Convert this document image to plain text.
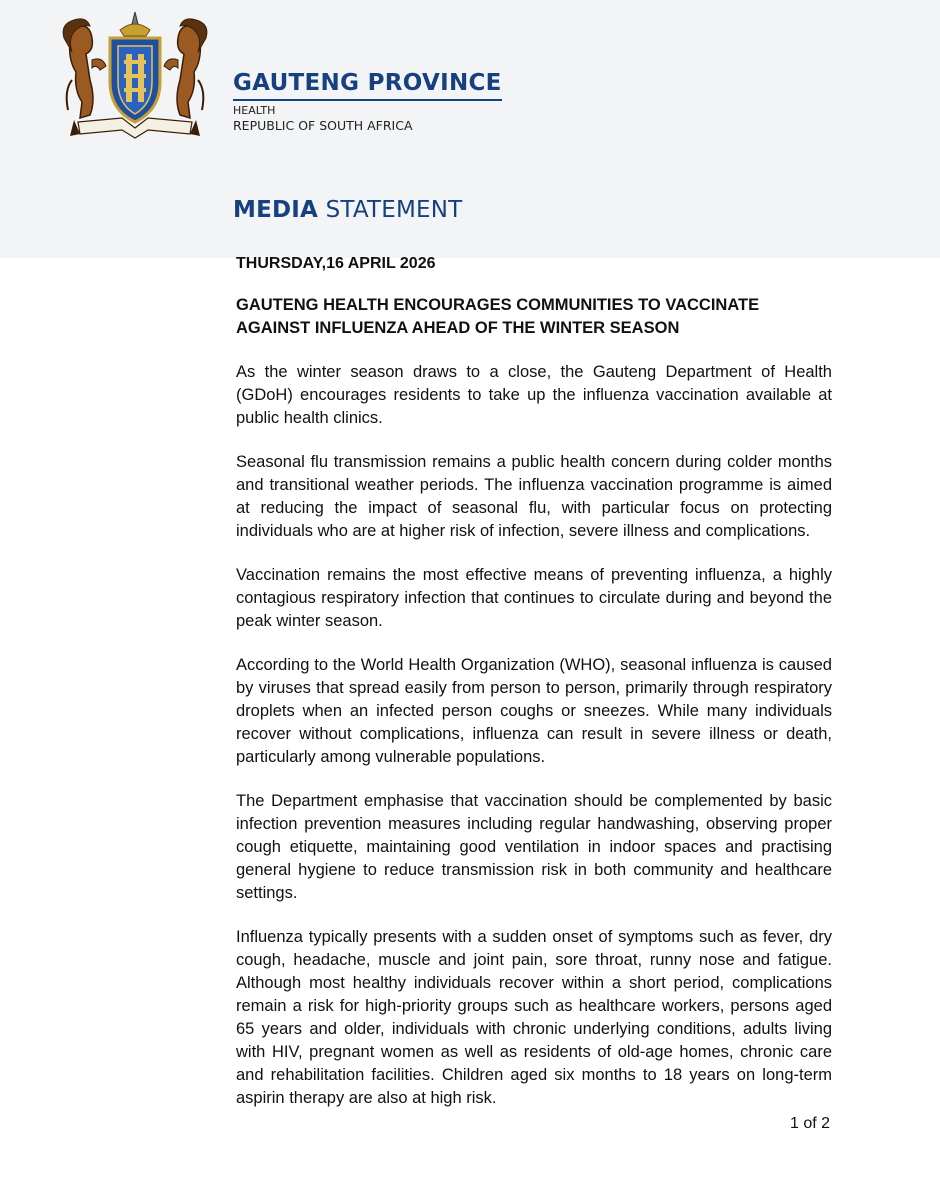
GAUTENG PROVINCE
HEALTH
REPUBLIC OF SOUTH AFRICA
MEDIA STATEMENT

THURSDAY,16 APRIL 2026

GAUTENG HEALTH ENCOURAGES COMMUNITIES TO VACCINATE AGAINST INFLUENZA AHEAD OF THE WINTER SEASON

As the winter season draws to a close, the Gauteng Department of Health (GDoH) encourages residents to take up the influenza vaccination available at public health clinics.

Seasonal flu transmission remains a public health concern during colder months and transitional weather periods. The influenza vaccination programme is aimed at reducing the impact of seasonal flu, with particular focus on protecting individuals who are at higher risk of infection, severe illness and complications.

Vaccination remains the most effective means of preventing influenza, a highly contagious respiratory infection that continues to circulate during and beyond the peak winter season.

According to the World Health Organization (WHO), seasonal influenza is caused by viruses that spread easily from person to person, primarily through respiratory droplets when an infected person coughs or sneezes. While many individuals recover without complications, influenza can result in severe illness or death, particularly among vulnerable populations.

The Department emphasise that vaccination should be complemented by basic infection prevention measures including regular handwashing, observing proper cough etiquette, maintaining good ventilation in indoor spaces and practising general hygiene to reduce transmission risk in both community and healthcare settings.

Influenza typically presents with a sudden onset of symptoms such as fever, dry cough, headache, muscle and joint pain, sore throat, runny nose and fatigue. Although most healthy individuals recover within a short period, complications remain a risk for high-priority groups such as healthcare workers, persons aged 65 years and older, individuals with chronic underlying conditions, adults living with HIV, pregnant women as well as residents of old-age homes, chronic care and rehabilitation facilities. Children aged six months to 18 years on long-term aspirin therapy are also at high risk.

1 of 2
